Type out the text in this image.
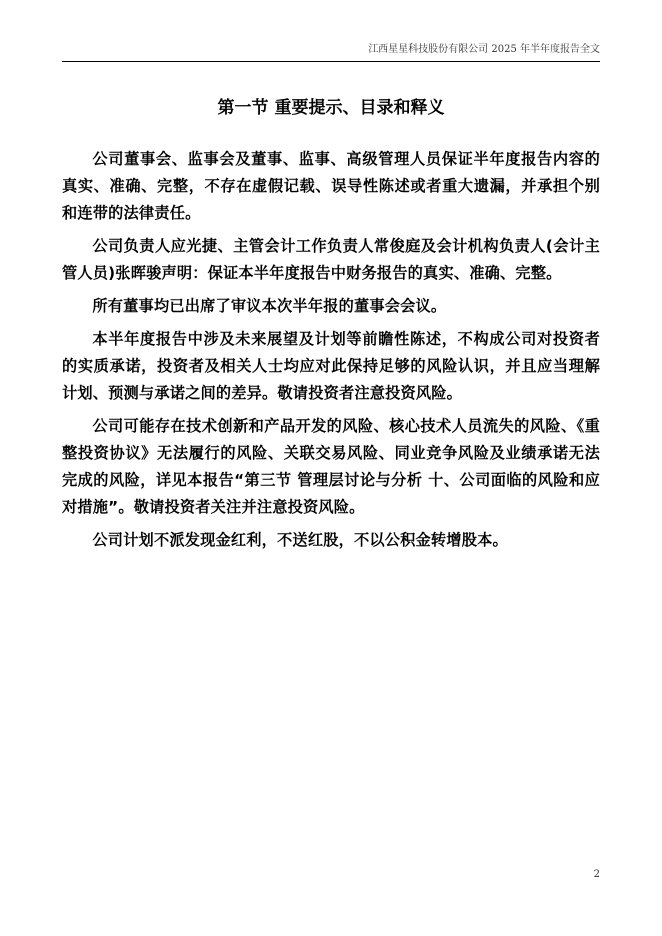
江西星星科技股份有限公司 2025 年半年度报告全文
第一节 重要提示、目录和释义

公司董事会、监事会及董事、监事、高级管理人员保证半年度报告内容的真实、准确、完整，不存在虚假记载、误导性陈述或者重大遗漏，并承担个别和连带的法律责任。

公司负责人应光捷、主管会计工作负责人常俊庭及会计机构负责人(会计主管人员)张晖骏声明：保证本半年度报告中财务报告的真实、准确、完整。

所有董事均已出席了审议本次半年报的董事会会议。

本半年度报告中涉及未来展望及计划等前瞻性陈述，不构成公司对投资者的实质承诺，投资者及相关人士均应对此保持足够的风险认识，并且应当理解计划、预测与承诺之间的差异。敬请投资者注意投资风险。

公司可能存在技术创新和产品开发的风险、核心技术人员流失的风险、《重整投资协议》无法履行的风险、关联交易风险、同业竞争风险及业绩承诺无法完成的风险，详见本报告“第三节 管理层讨论与分析 十、公司面临的风险和应对措施”。敬请投资者关注并注意投资风险。

公司计划不派发现金红利，不送红股，不以公积金转增股本。

2
